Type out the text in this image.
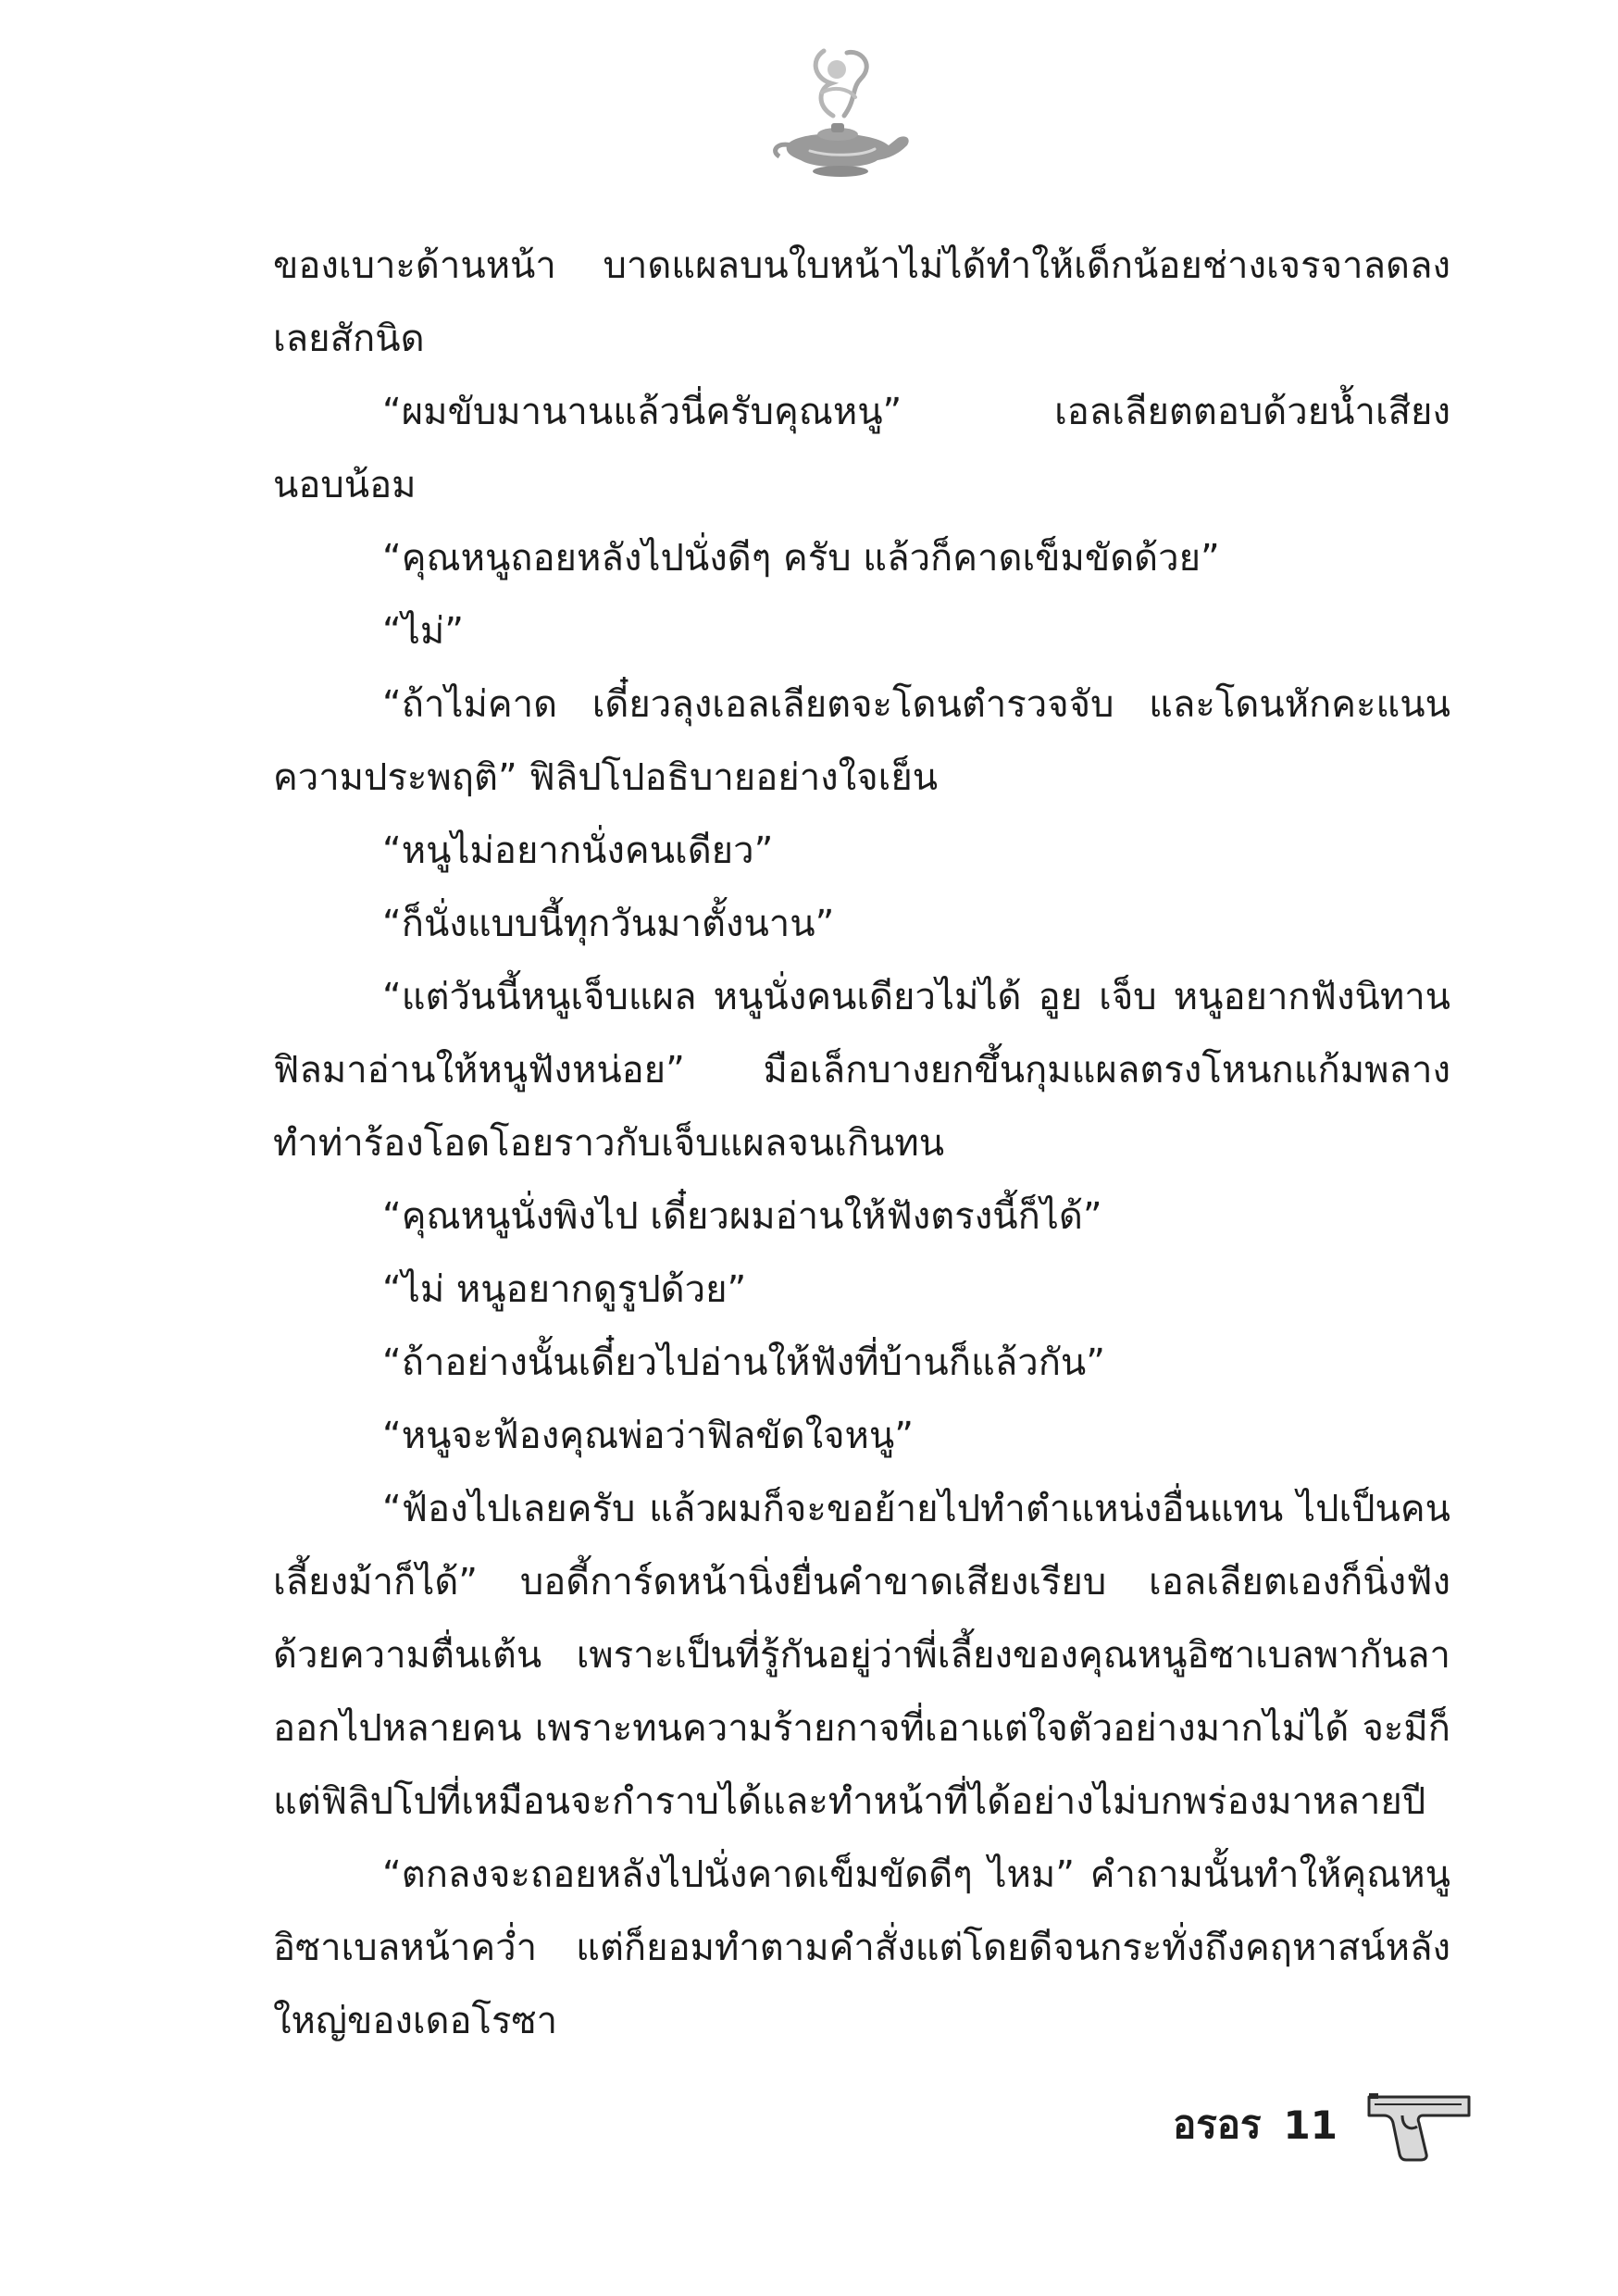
ของเบาะด้านหน้า บาดแผลบนใบหน้าไม่ได้ทำให้เด็กน้อยช่างเจรจาลดลงเลยสักนิด

“ผมขับมานานแล้วนี่ครับคุณหนู” เอลเลียตตอบด้วยน้ำเสียงนอบน้อม

“คุณหนูถอยหลังไปนั่งดีๆ ครับ แล้วก็คาดเข็มขัดด้วย”

“ไม่”

“ถ้าไม่คาด เดี๋ยวลุงเอลเลียตจะโดนตำรวจจับ และโดนหักคะแนนความประพฤติ” ฟิลิปโปอธิบายอย่างใจเย็น

“หนูไม่อยากนั่งคนเดียว”

“ก็นั่งแบบนี้ทุกวันมาตั้งนาน”

“แต่วันนี้หนูเจ็บแผล หนูนั่งคนเดียวไม่ได้ อูย เจ็บ หนูอยากฟังนิทาน ฟิลมาอ่านให้หนูฟังหน่อย” มือเล็กบางยกขึ้นกุมแผลตรงโหนกแก้มพลางทำท่าร้องโอดโอยราวกับเจ็บแผลจนเกินทน

“คุณหนูนั่งพิงไป เดี๋ยวผมอ่านให้ฟังตรงนี้ก็ได้”

“ไม่ หนูอยากดูรูปด้วย”

“ถ้าอย่างนั้นเดี๋ยวไปอ่านให้ฟังที่บ้านก็แล้วกัน”

“หนูจะฟ้องคุณพ่อว่าฟิลขัดใจหนู”

“ฟ้องไปเลยครับ แล้วผมก็จะขอย้ายไปทำตำแหน่งอื่นแทน ไปเป็นคนเลี้ยงม้าก็ได้” บอดี้การ์ดหน้านิ่งยื่นคำขาดเสียงเรียบ เอลเลียตเองก็นิ่งฟังด้วยความตื่นเต้น เพราะเป็นที่รู้กันอยู่ว่าพี่เลี้ยงของคุณหนูอิซาเบลพากันลาออกไปหลายคน เพราะทนความร้ายกาจที่เอาแต่ใจตัวอย่างมากไม่ได้ จะมีก็แต่ฟิลิปโปที่เหมือนจะกำราบได้และทำหน้าที่ได้อย่างไม่บกพร่องมาหลายปี

“ตกลงจะถอยหลังไปนั่งคาดเข็มขัดดีๆ ไหม” คำถามนั้นทำให้คุณหนูอิซาเบลหน้าคว่ำ แต่ก็ยอมทำตามคำสั่งแต่โดยดีจนกระทั่งถึงคฤหาสน์หลังใหญ่ของเดอโรซา

อรอร 11
